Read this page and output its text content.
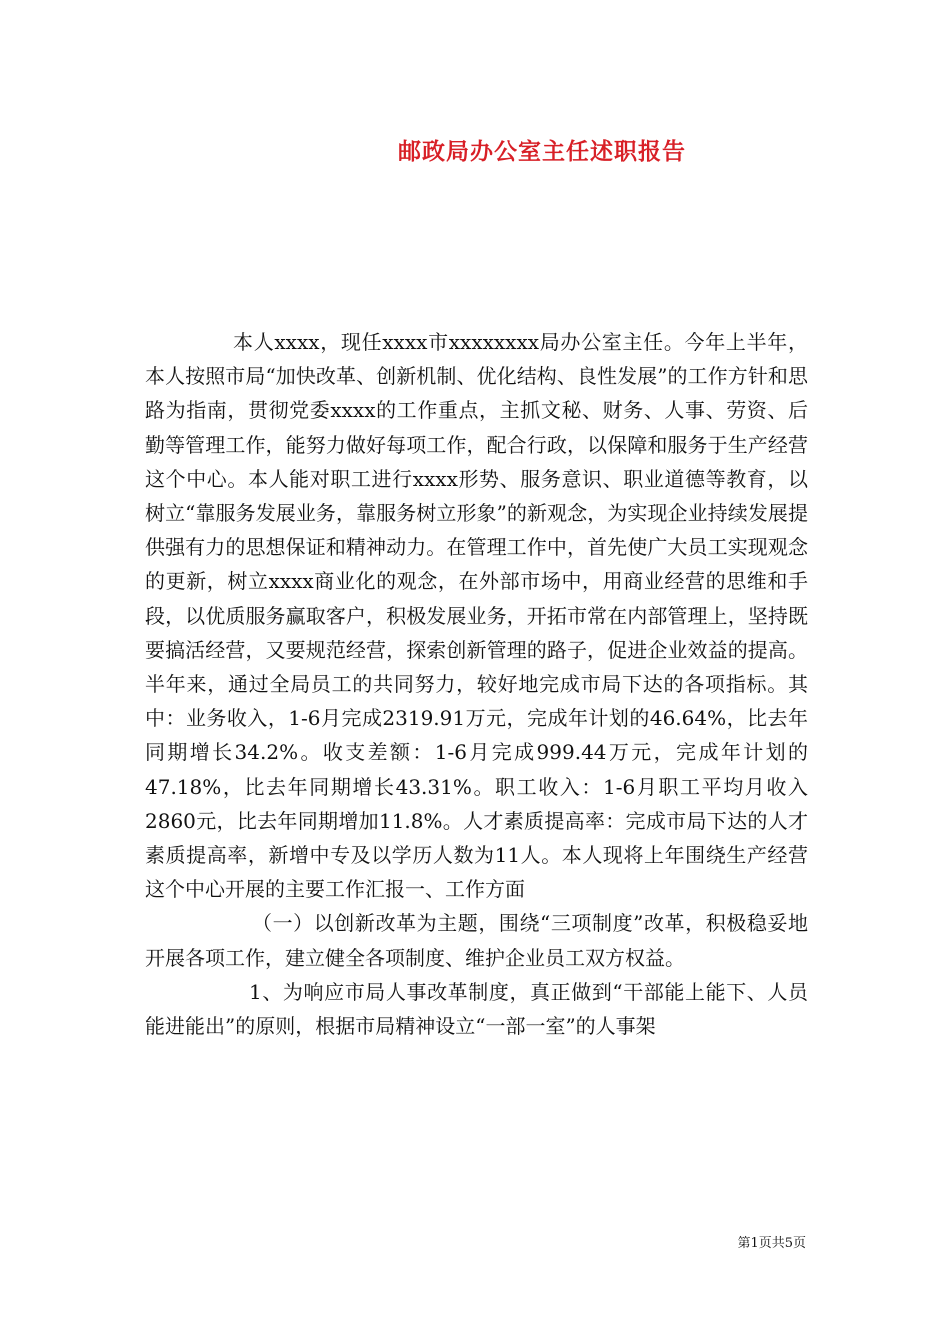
邮政局办公室主任述职报告

本人xxxx，现任xxxx市xxxxxxxx局办公室主任。今年上半年，本人按照市局“加快改革、创新机制、优化结构、良性发展”的工作方针和思路为指南，贯彻党委xxxx的工作重点，主抓文秘、财务、人事、劳资、后勤等管理工作，能努力做好每项工作，配合行政，以保障和服务于生产经营这个中心。本人能对职工进行xxxx形势、服务意识、职业道德等教育，以树立“靠服务发展业务，靠服务树立形象”的新观念，为实现企业持续发展提供强有力的思想保证和精神动力。在管理工作中，首先使广大员工实现观念的更新，树立xxxx商业化的观念，在外部市场中，用商业经营的思维和手段，以优质服务赢取客户，积极发展业务，开拓市常在内部管理上，坚持既要搞活经营，又要规范经营，探索创新管理的路子，促进企业效益的提高。半年来，通过全局员工的共同努力，较好地完成市局下达的各项指标。其中：业务收入，1-6月完成2319.91万元，完成年计划的46.64%，比去年同期增长34.2%。收支差额：1-6月完成999.44万元，完成年计划的47.18%，比去年同期增长43.31%。职工收入：1-6月职工平均月收入2860元，比去年同期增加11.8%。人才素质提高率：完成市局下达的人才素质提高率，新增中专及以学历人数为11人。本人现将上年围绕生产经营这个中心开展的主要工作汇报一、工作方面

（一）以创新改革为主题，围绕“三项制度”改革，积极稳妥地开展各项工作，建立健全各项制度、维护企业员工双方权益。

1、为响应市局人事改革制度，真正做到“干部能上能下、人员能进能出”的原则，根据市局精神设立“一部一室”的人事架

第1页共5页
